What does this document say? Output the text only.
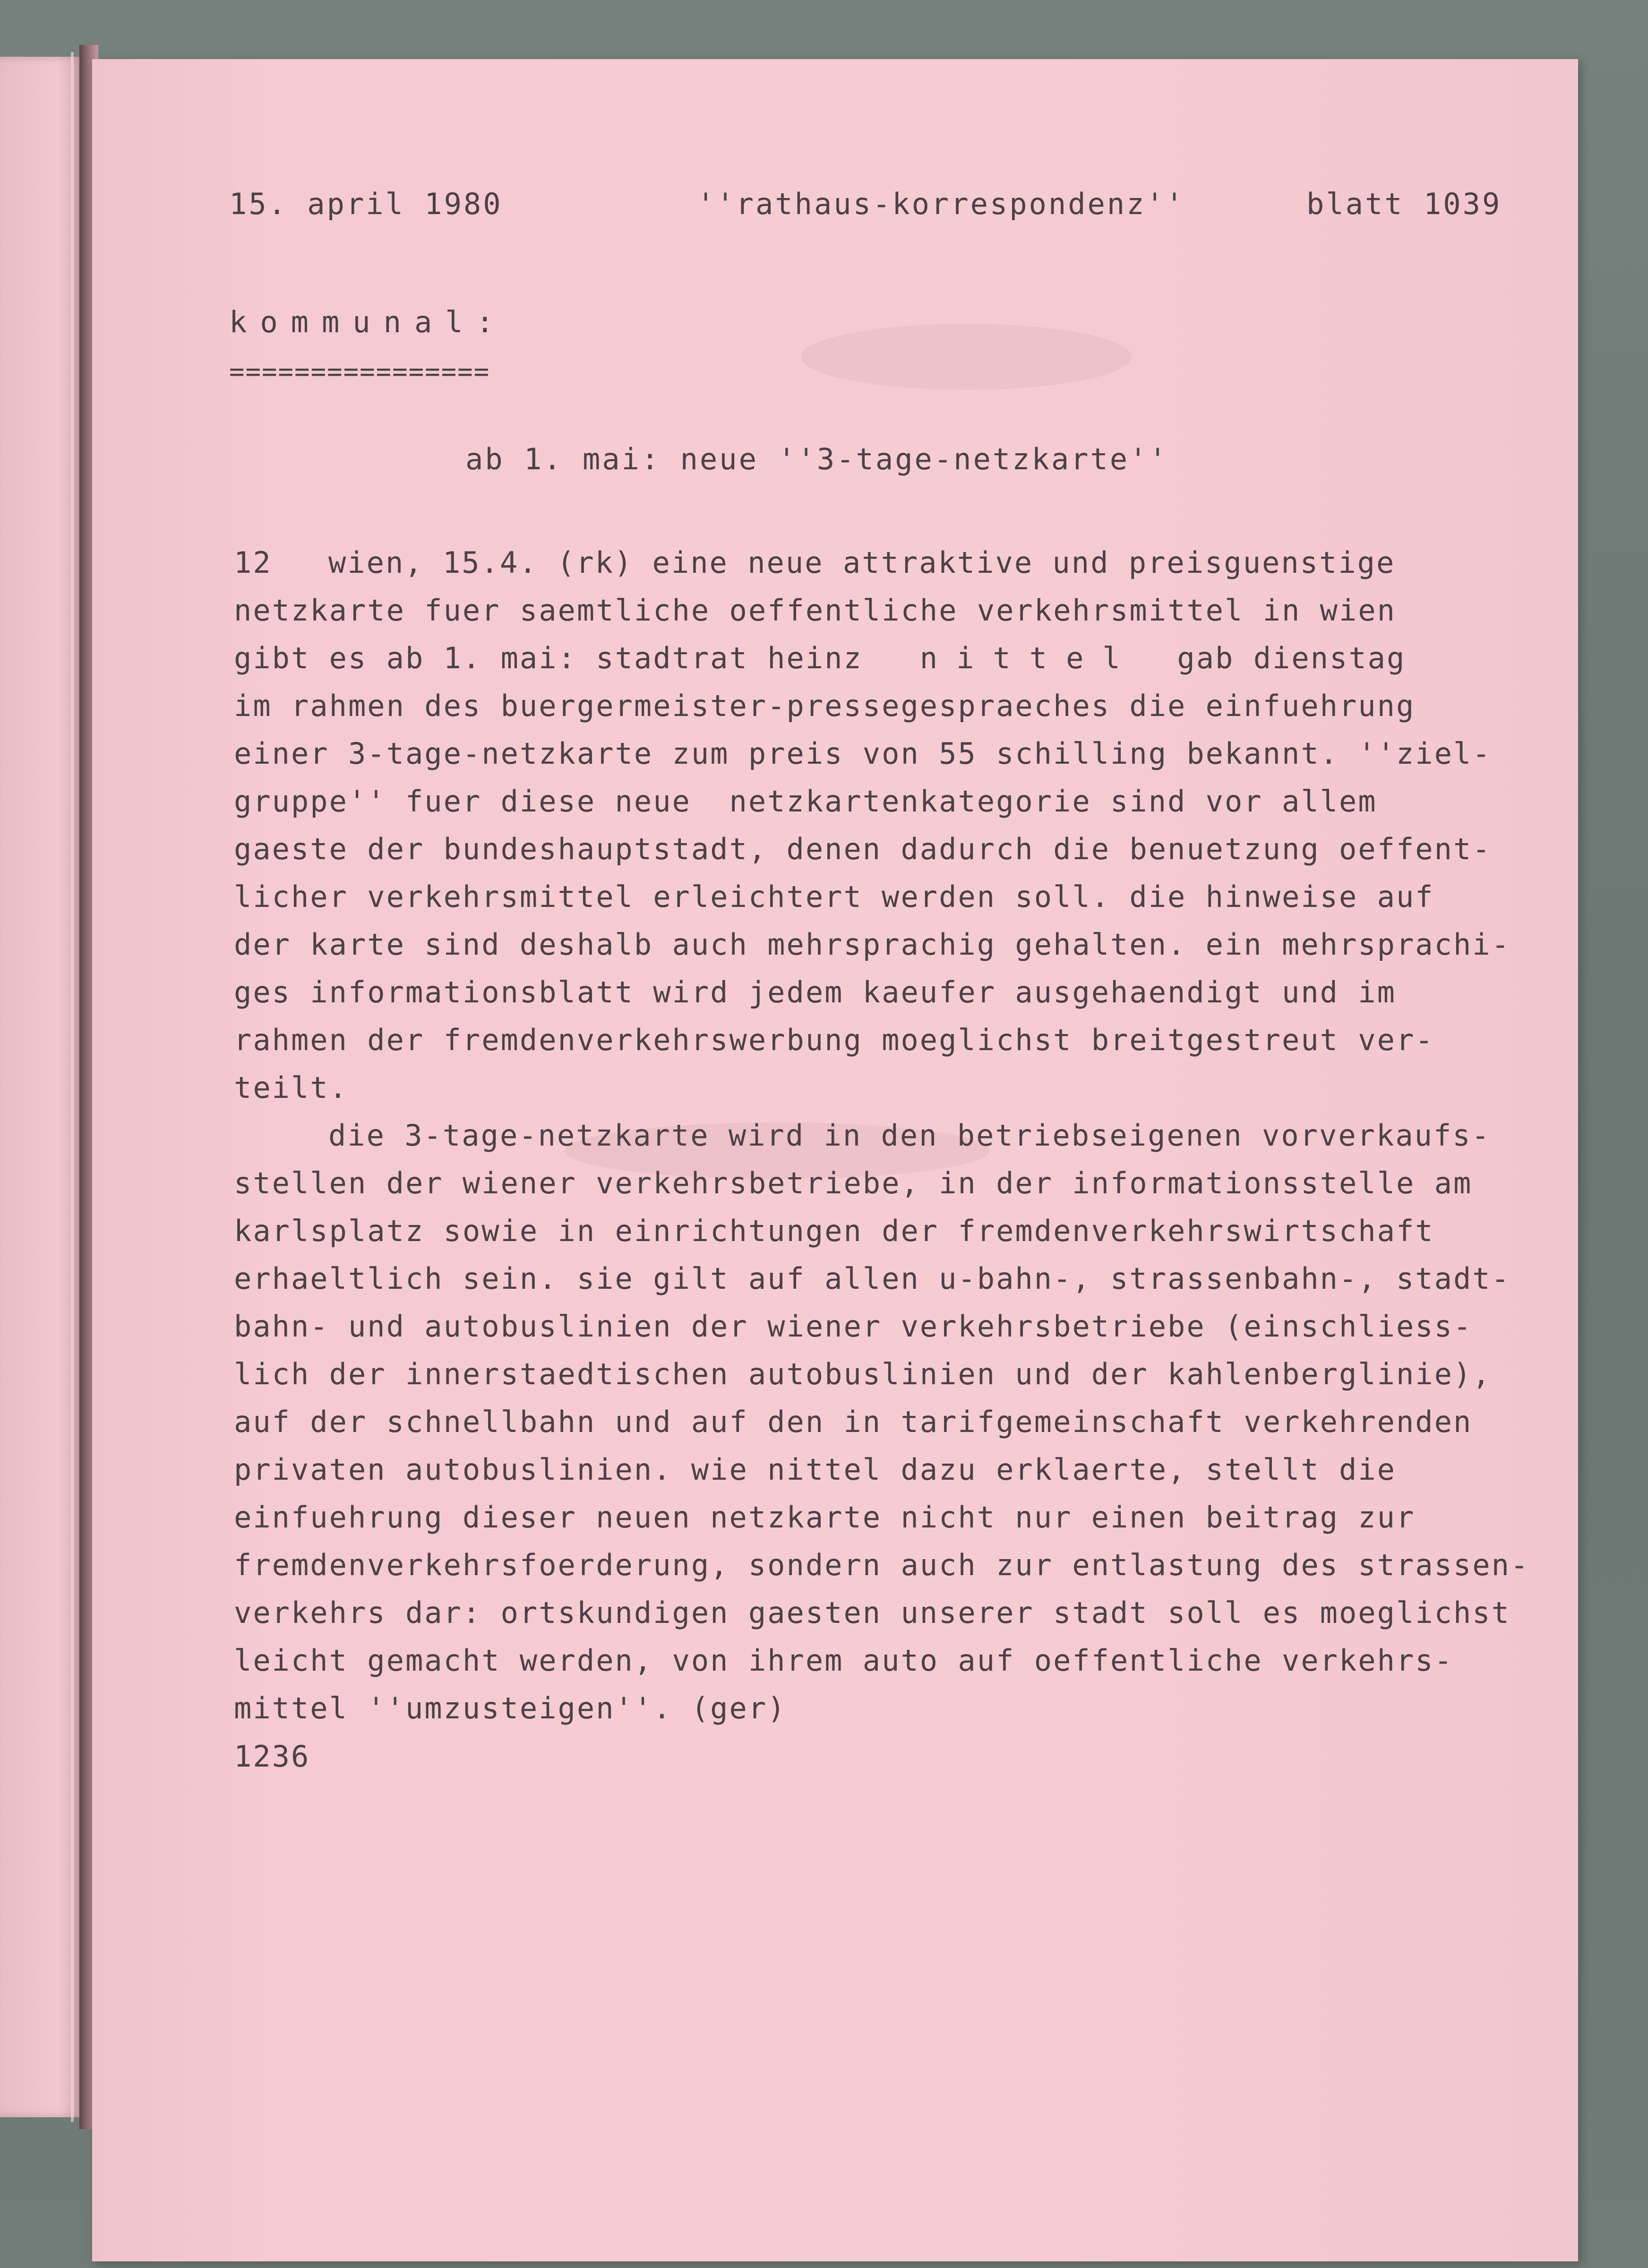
15. april 1980	''rathaus-korrespondenz''	blatt 1039
kommunal:
================
ab 1. mai: neue ''3-tage-netzkarte''
12 wien, 15.4. (rk) eine neue attraktive und preisguenstige
netzkarte fuer saemtliche oeffentliche verkehrsmittel in wien
gibt es ab 1. mai: stadtrat heinz nittel gab dienstag
im rahmen des buergermeister-pressegespraeches die einfuehrung
einer 3-tage-netzkarte zum preis von 55 schilling bekannt. ''ziel-
gruppe'' fuer diese neue  netzkartenkategorie sind vor allem
gaeste der bundeshauptstadt, denen dadurch die benuetzung oeffent-
licher verkehrsmittel erleichtert werden soll. die hinweise auf
der karte sind deshalb auch mehrsprachig gehalten. ein mehrsprachi-
ges informationsblatt wird jedem kaeufer ausgehaendigt und im
rahmen der fremdenverkehrswerbung moeglichst breitgestreut ver-
teilt.
die 3-tage-netzkarte wird in den betriebseigenen vorverkaufs-
stellen der wiener verkehrsbetriebe, in der informationsstelle am
karlsplatz sowie in einrichtungen der fremdenverkehrswirtschaft
erhaeltlich sein. sie gilt auf allen u-bahn-, strassenbahn-, stadt-
bahn- und autobuslinien der wiener verkehrsbetriebe (einschliess-
lich der innerstaedtischen autobuslinien und der kahlenberglinie),
auf der schnellbahn und auf den in tarifgemeinschaft verkehrenden
privaten autobuslinien. wie nittel dazu erklaerte, stellt die
einfuehrung dieser neuen netzkarte nicht nur einen beitrag zur
fremdenverkehrsfoerderung, sondern auch zur entlastung des strassen-
verkehrs dar: ortskundigen gaesten unserer stadt soll es moeglichst
leicht gemacht werden, von ihrem auto auf oeffentliche verkehrs-
mittel ''umzusteigen''. (ger)
1236
